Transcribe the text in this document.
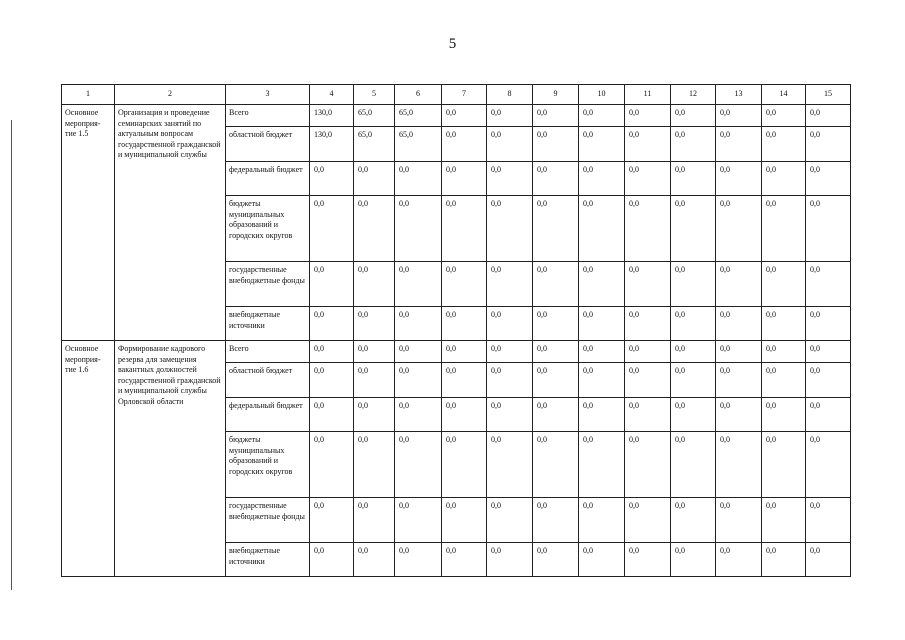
5
1	2	3	4	5	6	7	8	9	10	11	12	13	14	15
Основное мероприя-тие 1.5	Организация и проведение семинарских занятий по актуальным вопросам государственной гражданской и муниципальной службы	Всего	130,0	65,0	65,0	0,0	0,0	0,0	0,0	0,0	0,0	0,0	0,0	0,0
		областной бюджет	130,0	65,0	65,0	0,0	0,0	0,0	0,0	0,0	0,0	0,0	0,0	0,0
		федеральный бюджет	0,0	0,0	0,0	0,0	0,0	0,0	0,0	0,0	0,0	0,0	0,0	0,0
		бюджеты муниципальных образований и городских округов	0,0	0,0	0,0	0,0	0,0	0,0	0,0	0,0	0,0	0,0	0,0	0,0
		государственные внебюджетные фонды	0,0	0,0	0,0	0,0	0,0	0,0	0,0	0,0	0,0	0,0	0,0	0,0
		внебюджетные источники	0,0	0,0	0,0	0,0	0,0	0,0	0,0	0,0	0,0	0,0	0,0	0,0
Основное мероприя-тие 1.6	Формирование кадрового резерва для замещения вакантных должностей государственной гражданской и муниципальной службы Орловской области	Всего	0,0	0,0	0,0	0,0	0,0	0,0	0,0	0,0	0,0	0,0	0,0	0,0
		областной бюджет	0,0	0,0	0,0	0,0	0,0	0,0	0,0	0,0	0,0	0,0	0,0	0,0
		федеральный бюджет	0,0	0,0	0,0	0,0	0,0	0,0	0,0	0,0	0,0	0,0	0,0	0,0
		бюджеты муниципальных образований и городских округов	0,0	0,0	0,0	0,0	0,0	0,0	0,0	0,0	0,0	0,0	0,0	0,0
		государственные внебюджетные фонды	0,0	0,0	0,0	0,0	0,0	0,0	0,0	0,0	0,0	0,0	0,0	0,0
		внебюджетные источники	0,0	0,0	0,0	0,0	0,0	0,0	0,0	0,0	0,0	0,0	0,0	0,0
